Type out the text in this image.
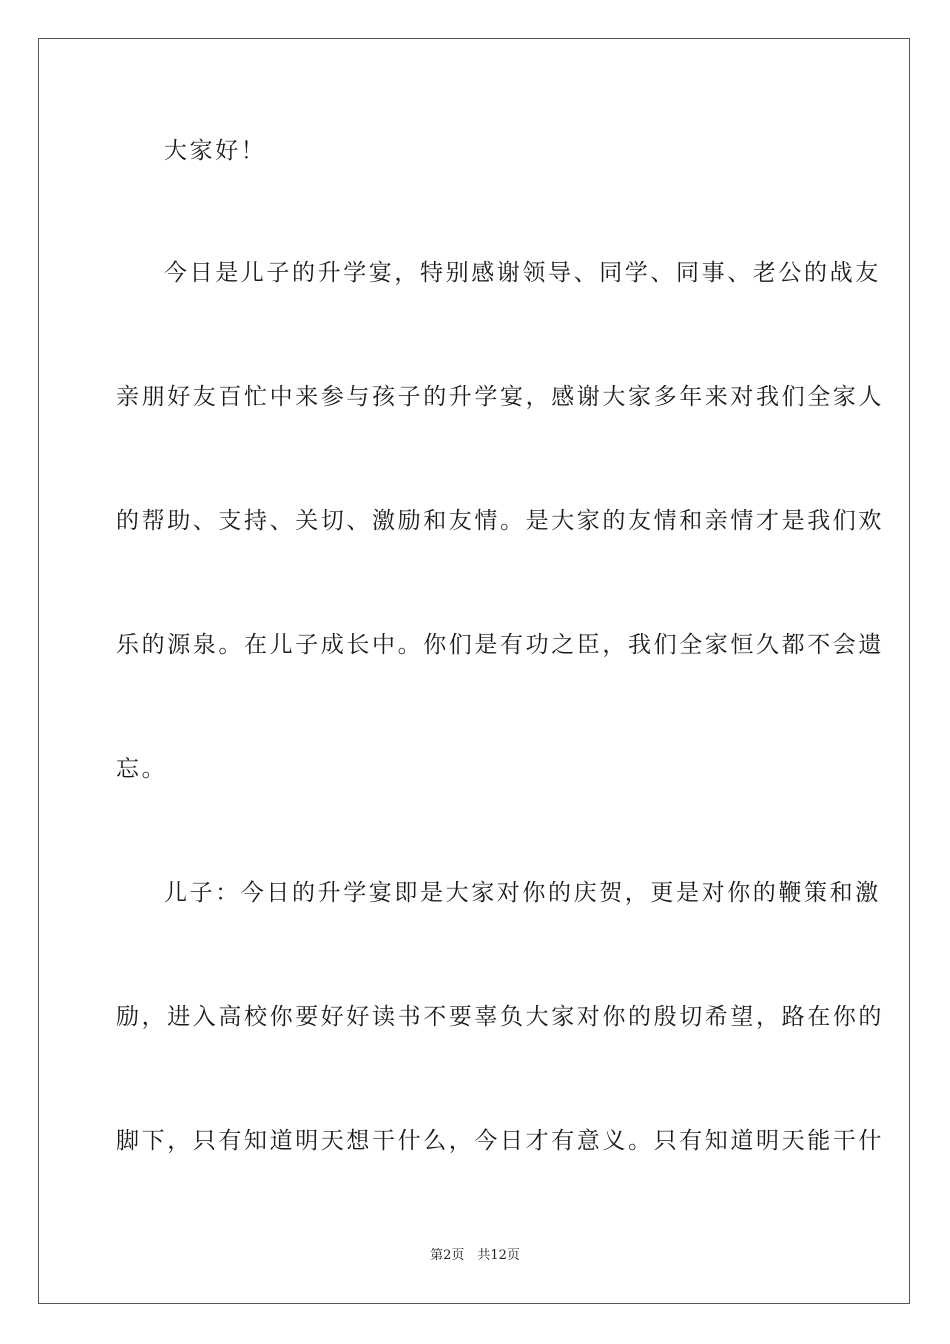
大家好！
今日是儿子的升学宴，特别感谢领导、同学、同事、老公的战友
亲朋好友百忙中来参与孩子的升学宴，感谢大家多年来对我们全家人
的帮助、支持、关切、激励和友情。是大家的友情和亲情才是我们欢
乐的源泉。在儿子成长中。你们是有功之臣，我们全家恒久都不会遗
忘。
儿子：今日的升学宴即是大家对你的庆贺，更是对你的鞭策和激
励，进入高校你要好好读书不要辜负大家对你的殷切希望，路在你的
脚下，只有知道明天想干什么，今日才有意义。只有知道明天能干什
第2页　共12页
